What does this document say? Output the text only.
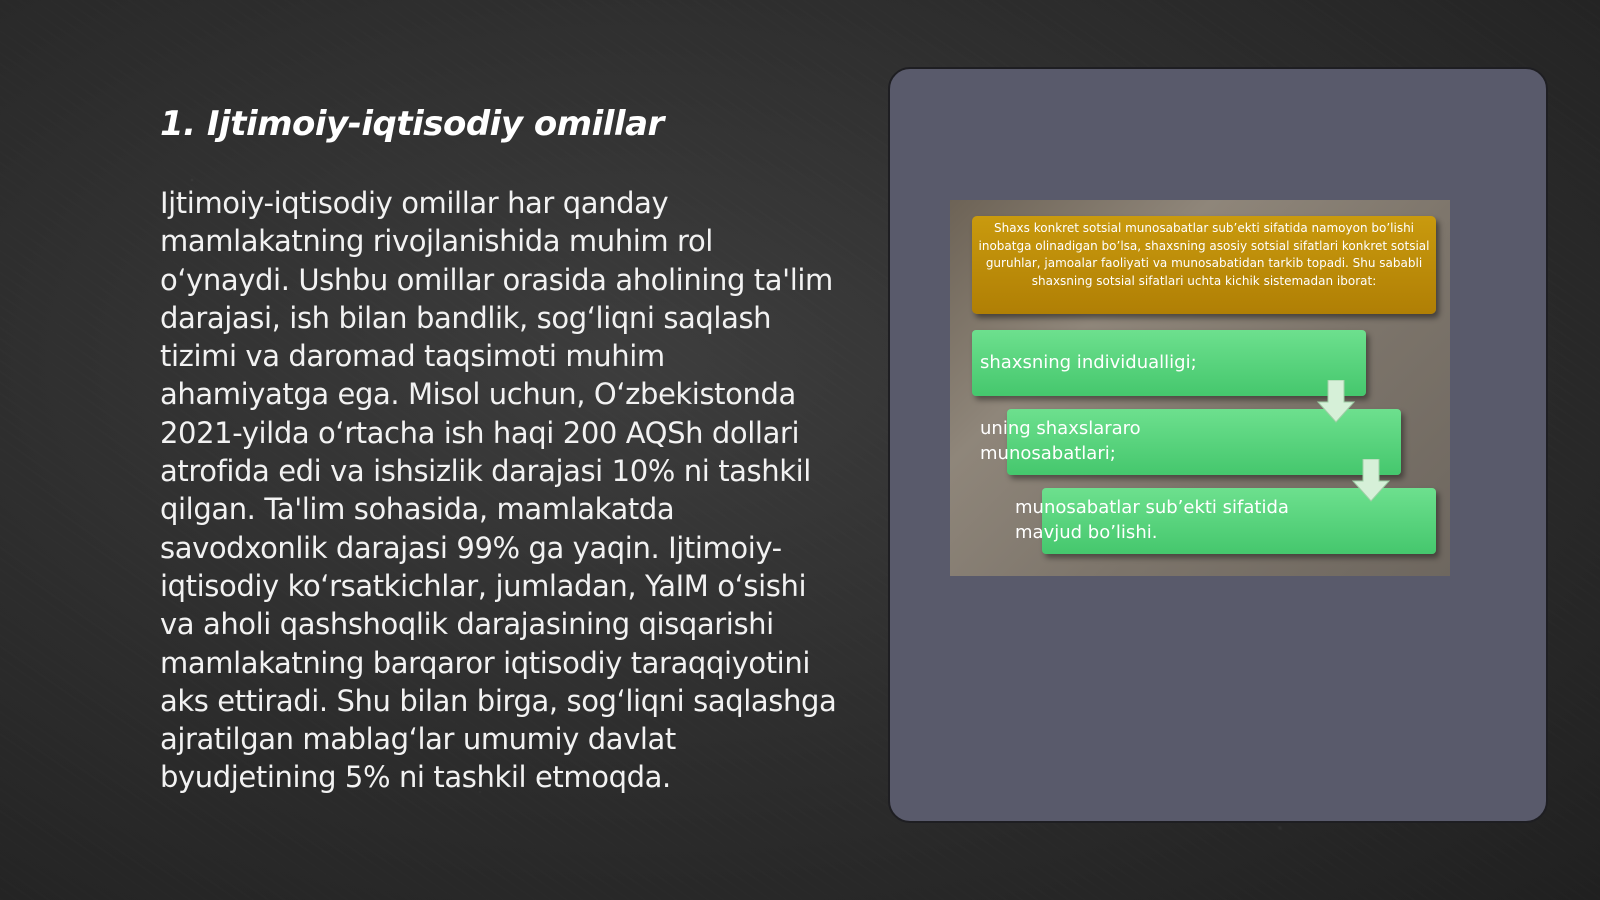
1. Ijtimoiy-iqtisodiy omillar

Ijtimoiy-iqtisodiy omillar har qanday mamlakatning rivojlanishida muhim rol o‘ynaydi. Ushbu omillar orasida aholining ta'lim darajasi, ish bilan bandlik, sog‘liqni saqlash tizimi va daromad taqsimoti muhim ahamiyatga ega. Misol uchun, O‘zbekistonda 2021-yilda o‘rtacha ish haqi 200 AQSh dollari atrofida edi va ishsizlik darajasi 10% ni tashkil qilgan. Ta'lim sohasida, mamlakatda savodxonlik darajasi 99% ga yaqin. Ijtimoiy-iqtisodiy ko‘rsatkichlar, jumladan, YaIM o‘sishi va aholi qashshoqlik darajasining qisqarishi mamlakatning barqaror iqtisodiy taraqqiyotini aks ettiradi. Shu bilan birga, sog‘liqni saqlashga ajratilgan mablag‘lar umumiy davlat byudjetining 5% ni tashkil etmoqda.

Shaxs konkret sotsial munosabatlar sub’ekti sifatida namoyon bo’lishi inobatga olinadigan bo’lsa, shaxsning asosiy sotsial sifatlari konkret sotsial guruhlar, jamoalar faoliyati va munosabatidan tarkib topadi. Shu sababli shaxsning sotsial sifatlari uchta kichik sistemadan iborat:
shaxsning individualligi;
uning shaxslararo
munosabatlari;
munosabatlar sub’ekti sifatida
mavjud bo’lishi.
